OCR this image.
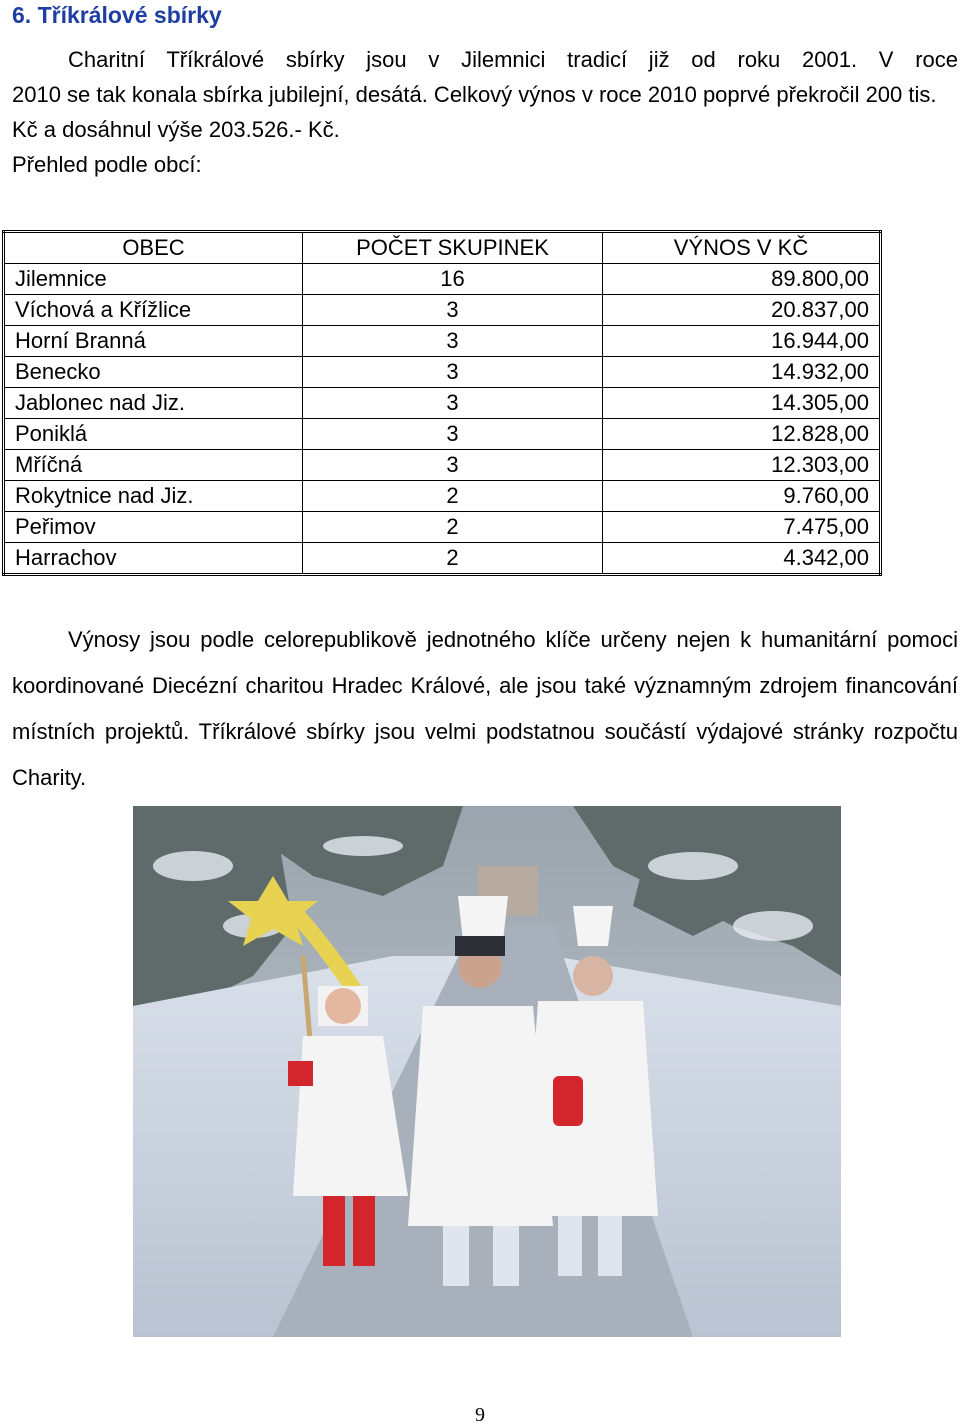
6. Tříkrálové sbírky

Charitní Tříkrálové sbírky jsou v Jilemnici tradicí již od roku 2001. V roce

2010 se tak konala sbírka jubilejní, desátá. Celkový výnos v roce 2010 poprvé překročil 200 tis. Kč a dosáhnul výše 203.526.- Kč.

Přehled podle obcí:

OBEC	POČET SKUPINEK	VÝNOS V KČ
Jilemnice	16	89.800,00
Víchová a Křížlice	3	20.837,00
Horní Branná	3	16.944,00
Benecko	3	14.932,00
Jablonec nad Jiz.	3	14.305,00
Poniklá	3	12.828,00
Mříčná	3	12.303,00
Rokytnice nad Jiz.	2	9.760,00
Peřimov	2	7.475,00
Harrachov	2	4.342,00

Výnosy jsou podle celorepublikově jednotného klíče určeny nejen k humanitární pomoci koordinované Diecézní charitou Hradec Králové, ale jsou také významným zdrojem financování místních projektů. Tříkrálové sbírky jsou velmi podstatnou součástí výdajové stránky rozpočtu Charity.

9
